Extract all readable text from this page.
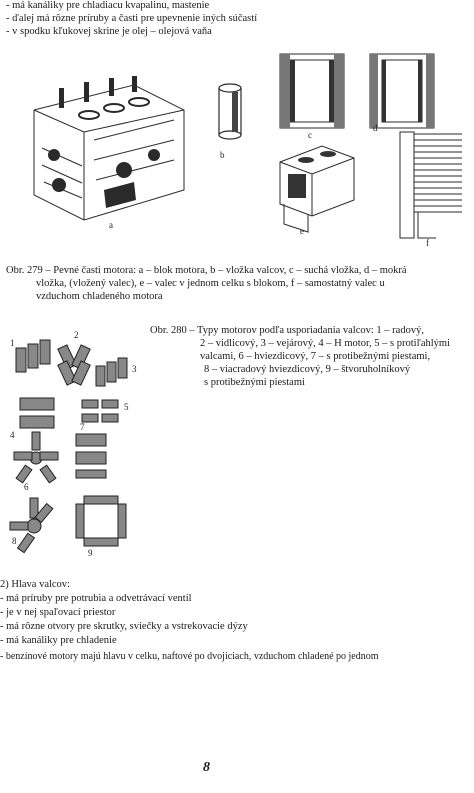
- má kanáliky pre chladiacu kvapalinu, mastenie
- ďalej má rôzne príruby a časti pre upevnenie iných súčastí
- v spodku kľukovej skrine je olej – olejová vaňa
a
b
c
d
e
f
Obr. 279 – Pevné časti motora: a – blok motora, b – vložka valcov, c – suchá vložka, d – mokrá
vložka, (vložený valec), e – valec v jednom celku s blokom, f – samostatný valec u
vzduchom chladeného motora
1
2
3
4
5
6
7
8
9
Obr. 280 – Typy motorov podľa usporiadania valcov: 1 – radový,
2 – vidlicový, 3 – vejárový, 4 – H motor, 5 – s protiľahlými
valcami, 6 – hviezdicový, 7 – s protibežnými piestami,
8 – viacradový hviezdicový, 9 – štvoruholníkový
s protibežnými piestami
2) Hlava valcov:
- má príruby pre potrubia a odvetrávací ventil
- je v nej spaľovací priestor
- má rôzne otvory pre skrutky, sviečky a vstrekovacie dýzy
- má kanáliky pre chladenie
- benzínové motory majú hlavu v celku, naftové po dvojiciach, vzduchom chladené po jednom
8
